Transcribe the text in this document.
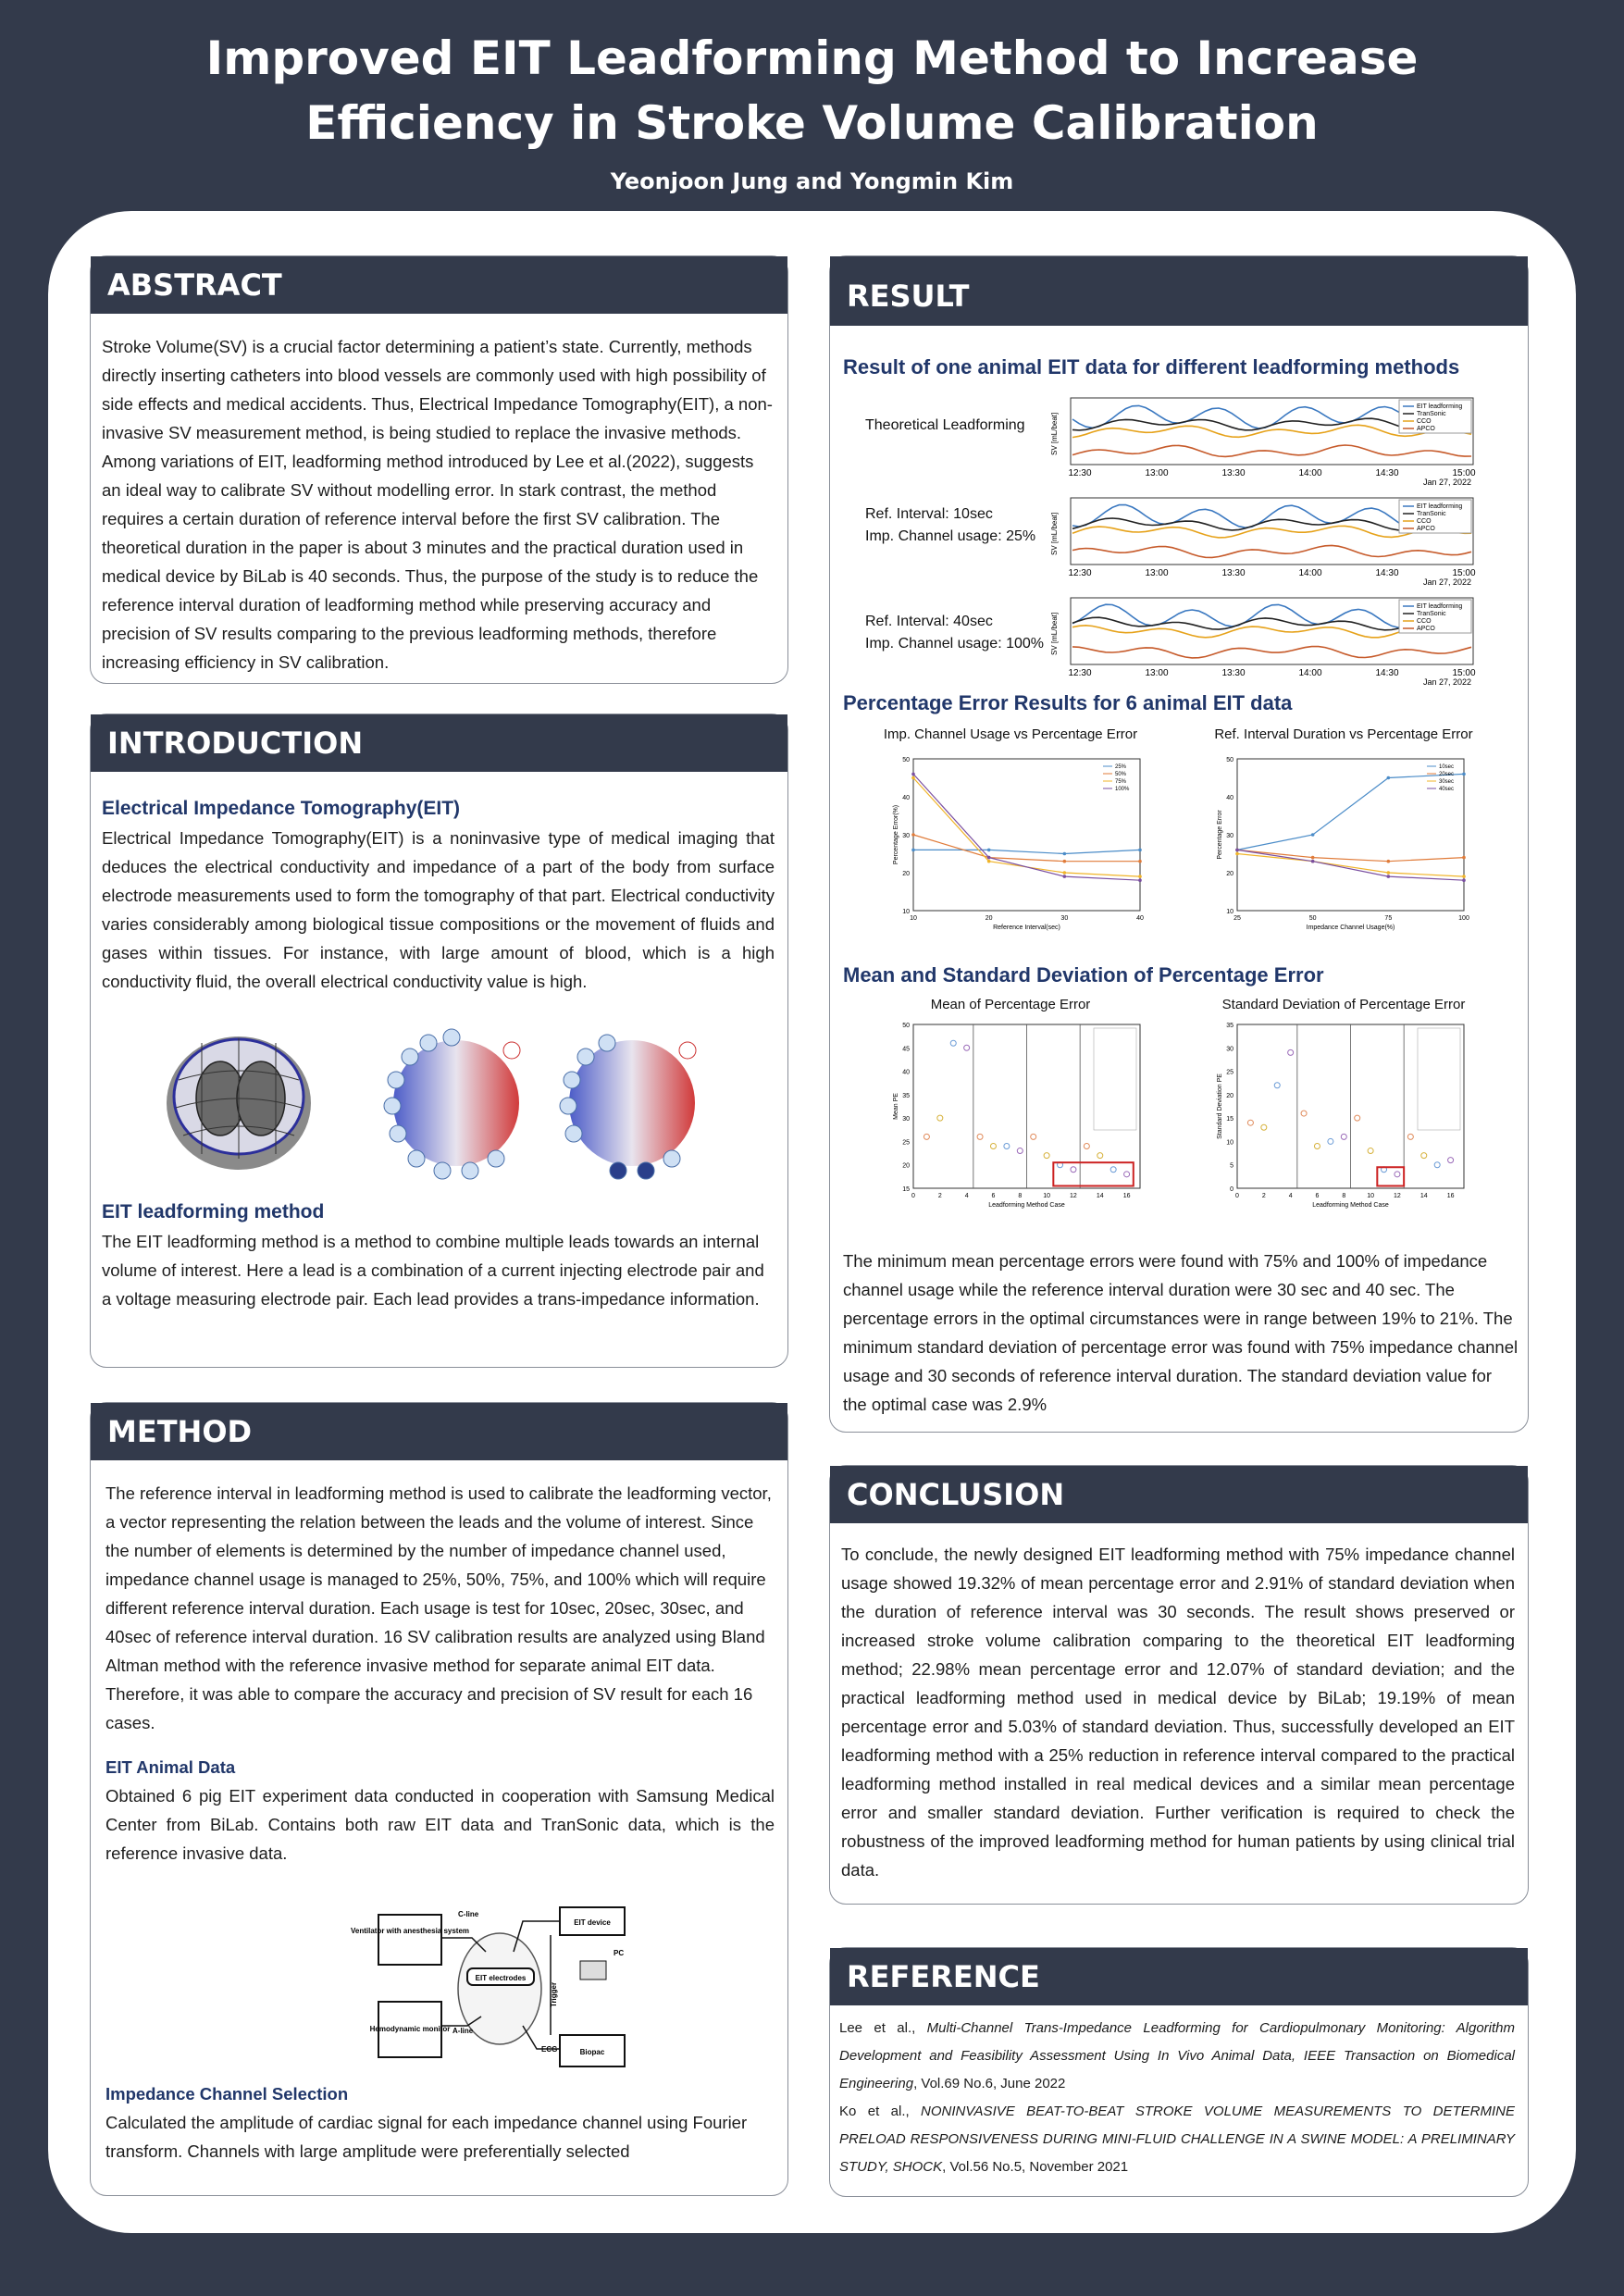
Improved EIT Leadforming Method to Increase
Efficiency in Stroke Volume Calibration
Yeonjoon Jung and Yongmin Kim
ABSTRACT

Stroke Volume(SV) is a crucial factor determining a patient’s state. Currently, methods directly inserting catheters into blood vessels are commonly used with high possibility of side effects and medical accidents. Thus, Electrical Impedance Tomography(EIT), a non-invasive SV measurement method, is being studied to replace the invasive methods. Among variations of EIT, leadforming method introduced by Lee et al.(2022), suggests an ideal way to calibrate SV without modelling error. In stark contrast, the method requires a certain duration of reference interval before the first SV calibration. The theoretical duration in the paper is about 3 minutes and the practical duration used in medical device by BiLab is 40 seconds. Thus, the purpose of the study is to reduce the reference interval duration of leadforming method while preserving accuracy and precision of SV results comparing to the previous leadforming methods, therefore increasing efficiency in SV calibration.

INTRODUCTION
Electrical Impedance Tomography(EIT)

Electrical Impedance Tomography(EIT) is a noninvasive type of medical imaging that deduces the electrical conductivity and impedance of a part of the body from surface electrode measurements used to form the tomography of that part. Electrical conductivity varies considerably among biological tissue compositions or the movement of fluids and gases within tissues. For instance, with large amount of blood, which is a high conductivity fluid, the overall electrical conductivity value is high.

EIT leadforming method

The EIT leadforming method is a method to combine multiple leads towards an internal volume of interest. Here a lead is a combination of a current injecting electrode pair and a voltage measuring electrode pair. Each lead provides a trans-impedance information.

METHOD

The reference interval in leadforming method is used to calibrate the leadforming vector, a vector representing the relation between the leads and the volume of interest. Since the number of elements is determined by the number of impedance channel used, impedance channel usage is managed to 25%, 50%, 75%, and 100% which will require different reference interval duration. Each usage is test for 10sec, 20sec, 30sec, and 40sec of reference interval duration. 16 SV calibration results are analyzed using Bland Altman method with the reference invasive method for separate animal EIT data. Therefore, it was able to compare the accuracy and precision of SV result for each 16 cases.

EIT Animal Data

Obtained 6 pig EIT experiment data conducted in cooperation with Samsung Medical Center from BiLab. Contains both raw EIT data and TranSonic data, which is the reference invasive data.

Ventilator with anesthesia system
EIT device
Hemodynamic monitor
Biopac
PC
EIT electrodes
C-line
A-line
ECG
Trigger
Impedance Channel Selection

Calculated the amplitude of cardiac signal for each impedance channel using Fourier transform. Channels with large amplitude were preferentially selected

RESULT
Result of one animal EIT data for different leadforming methods
Theoretical Leadforming
Ref. Interval: 10sec
Imp. Channel usage: 25%
Ref. Interval: 40sec
Imp. Channel usage: 100%
SV [mL/beat]
12:30	13:00	13:30	14:00	14:30	15:00
Jan 27, 2022
EIT leadforming
TranSonic
CCO
APCO
SV [mL/beat]
12:30	13:00	13:30	14:00	14:30	15:00
Jan 27, 2022
EIT leadforming
TranSonic
CCO
APCO
SV [mL/beat]
12:30	13:00	13:30	14:00	14:30	15:00
Jan 27, 2022
EIT leadforming
TranSonic
CCO
APCO
Percentage Error Results for 6 animal EIT data
Imp. Channel Usage vs Percentage Error	Ref. Interval Duration vs Percentage Error
10
20
30
40
50
10	20	30	40
Reference Interval(sec)
Percentage Error(%)
25%
50%
75%
100%
10
20
30
40
50
25	50	75	100
Impedance Channel Usage(%)
Percentage Error
10sec
20sec
30sec
40sec
Mean and Standard Deviation of Percentage Error
Mean of Percentage Error	Standard Deviation of Percentage Error
15
20
25
30
35
40
45
50
0	2	4	6	8	10	12	14	16
Leadforming Method Case
Mean PE
0
5
10
15
20
25
30
35
0	2	4	6	8	10	12	14	16
Leadforming Method Case
Standard Deviation PE

The minimum mean percentage errors were found with 75% and 100% of impedance channel usage while the reference interval duration were 30 sec and 40 sec. The percentage errors in the optimal circumstances were in range between 19% to 21%. The minimum standard deviation of percentage error was found with 75% impedance channel usage and 30 seconds of reference interval duration. The standard deviation value for the optimal case was 2.9%

CONCLUSION

To conclude, the newly designed EIT leadforming method with 75% impedance channel usage showed 19.32% of mean percentage error and 2.91% of standard deviation when the duration of reference interval was 30 seconds. The result shows preserved or increased stroke volume calibration comparing to the theoretical EIT leadforming method; 22.98% mean percentage error and 12.07% of standard deviation; and the practical leadforming method used in medical device by BiLab; 19.19% of mean percentage error and 5.03% of standard deviation. Thus, successfully developed an EIT leadforming method with a 25% reduction in reference interval compared to the practical leadforming method installed in real medical devices and a similar mean percentage error and smaller standard deviation. Further verification is required to check the robustness of the improved leadforming method for human patients by using clinical trial data.

REFERENCE

Lee et al., Multi-Channel Trans-Impedance Leadforming for Cardiopulmonary Monitoring: Algorithm Development and Feasibility Assessment Using In Vivo Animal Data, IEEE Transaction on Biomedical Engineering, Vol.69 No.6, June 2022

Ko et al., NONINVASIVE BEAT-TO-BEAT STROKE VOLUME MEASUREMENTS TO DETERMINE PRELOAD RESPONSIVENESS DURING MINI-FLUID CHALLENGE IN A SWINE MODEL: A PRELIMINARY STUDY, SHOCK, Vol.56 No.5, November 2021
